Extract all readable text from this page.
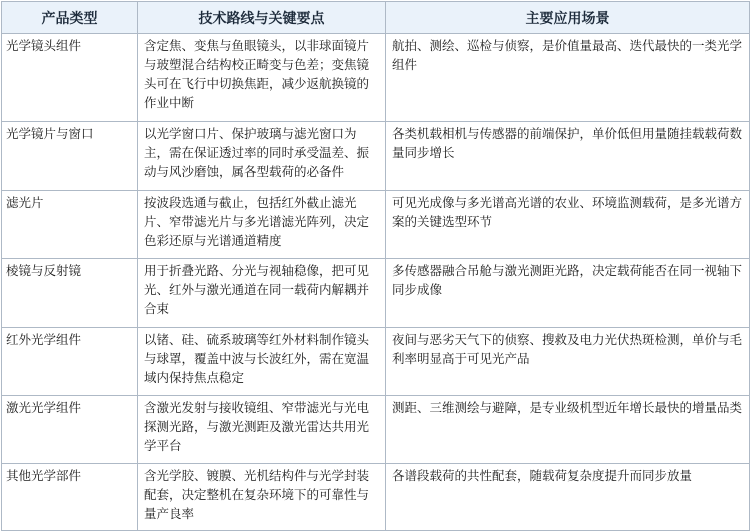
产品类型	技术路线与关键要点	主要应用场景
光学镜头组件	含定焦、变焦与鱼眼镜头，以非球面镜片与玻塑混合结构校正畸变与色差；变焦镜头可在飞行中切换焦距，减少返航换镜的作业中断	航拍、测绘、巡检与侦察，是价值量最高、迭代最快的一类光学组件
光学镜片与窗口	以光学窗口片、保护玻璃与滤光窗口为主，需在保证透过率的同时承受温差、振动与风沙磨蚀，属各型载荷的必备件	各类机载相机与传感器的前端保护，单价低但用量随挂载载荷数量同步增长
滤光片	按波段选通与截止，包括红外截止滤光片、窄带滤光片与多光谱滤光阵列，决定色彩还原与光谱通道精度	可见光成像与多光谱高光谱的农业、环境监测载荷，是多光谱方案的关键选型环节
棱镜与反射镜	用于折叠光路、分光与视轴稳像，把可见光、红外与激光通道在同一载荷内解耦并合束	多传感器融合吊舱与激光测距光路，决定载荷能否在同一视轴下同步成像
红外光学组件	以锗、硅、硫系玻璃等红外材料制作镜头与球罩，覆盖中波与长波红外，需在宽温域内保持焦点稳定	夜间与恶劣天气下的侦察、搜救及电力光伏热斑检测，单价与毛利率明显高于可见光产品
激光光学组件	含激光发射与接收镜组、窄带滤光与光电探测光路，与激光测距及激光雷达共用光学平台	测距、三维测绘与避障，是专业级机型近年增长最快的增量品类
其他光学部件	含光学胶、镀膜、光机结构件与光学封装配套，决定整机在复杂环境下的可靠性与量产良率	各谱段载荷的共性配套，随载荷复杂度提升而同步放量
